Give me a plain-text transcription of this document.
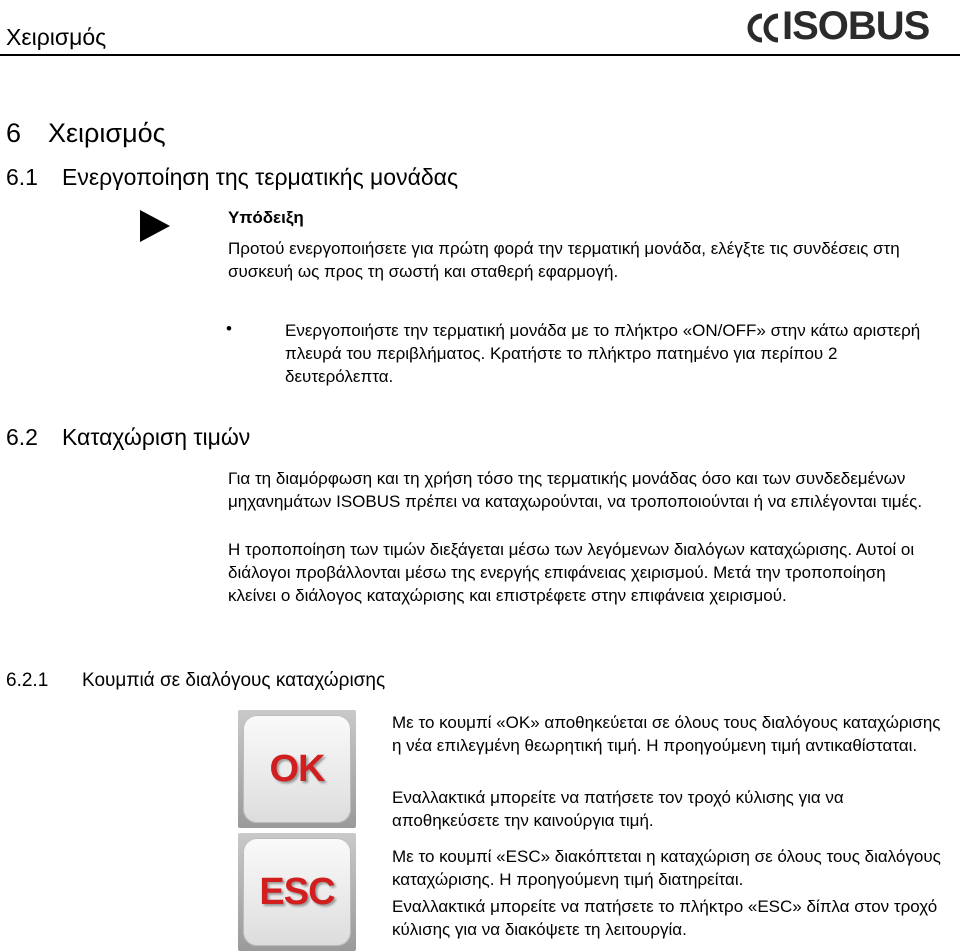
Χειρισμός	ISOBUS
6 Χειρισμός
6.1 Ενεργοποίηση της τερματικής μονάδας
Υπόδειξη
Προτού ενεργοποιήσετε για πρώτη φορά την τερματική μονάδα, ελέγξτε τις συνδέσεις στη συσκευή ως προς τη σωστή και σταθερή εφαρμογή.
•	Ενεργοποιήστε την τερματική μονάδα με το πλήκτρο «ON/OFF» στην κάτω αριστερή πλευρά του περιβλήματος. Κρατήστε το πλήκτρο πατημένο για περίπου 2 δευτερόλεπτα.
6.2 Καταχώριση τιμών
Για τη διαμόρφωση και τη χρήση τόσο της τερματικής μονάδας όσο και των συνδεδεμένων μηχανημάτων ISOBUS πρέπει να καταχωρούνται, να τροποποιούνται ή να επιλέγονται τιμές.
Η τροποποίηση των τιμών διεξάγεται μέσω των λεγόμενων διαλόγων καταχώρισης. Αυτοί οι διάλογοι προβάλλονται μέσω της ενεργής επιφάνειας χειρισμού. Μετά την τροποποίηση κλείνει ο διάλογος καταχώρισης και επιστρέφετε στην επιφάνεια χειρισμού.
6.2.1 Κουμπιά σε διαλόγους καταχώρισης
OK
ESC
Με το κουμπί «OK» αποθηκεύεται σε όλους τους διαλόγους καταχώρισης η νέα επιλεγμένη θεωρητική τιμή. Η προηγούμενη τιμή αντικαθίσταται.
Εναλλακτικά μπορείτε να πατήσετε τον τροχό κύλισης για να αποθηκεύσετε την καινούργια τιμή.
Με το κουμπί «ESC» διακόπτεται η καταχώριση σε όλους τους διαλόγους καταχώρισης. Η προηγούμενη τιμή διατηρείται.
Εναλλακτικά μπορείτε να πατήσετε το πλήκτρο «ESC» δίπλα στον τροχό κύλισης για να διακόψετε τη λειτουργία.
